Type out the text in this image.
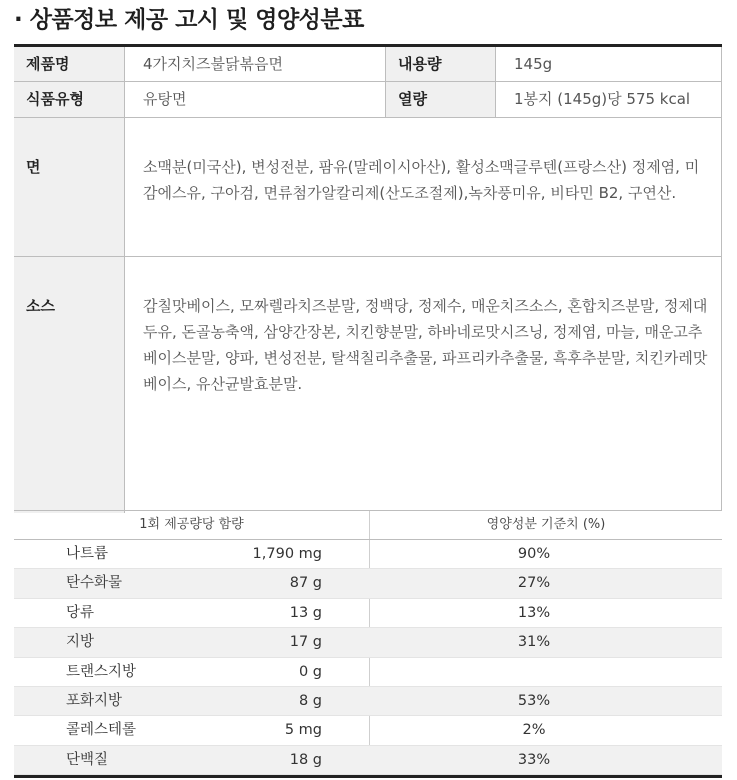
· 상품정보 제공 고시 및 영양성분표
제품명	4가지치즈불닭볶음면	내용량	145g
식품유형	유탕면	열량	1봉지 (145g)당 575 kcal
면	소맥분(미국산), 변성전분, 팜유(말레이시아산), 활성소맥글루텐(프랑스산) 정제염, 미감에스유, 구아검, 면류첨가알칼리제(산도조절제),녹차풍미유, 비타민 B2, 구연산.
소스	감칠맛베이스, 모짜렐라치즈분말, 정백당, 정제수, 매운치즈소스, 혼합치즈분말, 정제대두유, 돈골농축액, 삼양간장본, 치킨향분말, 하바네로맛시즈닝, 정제염, 마늘, 매운고추베이스분말, 양파, 변성전분, 탈색칠리추출물, 파프리카추출물, 흑후추분말, 치킨카레맛베이스, 유산균발효분말.
1회 제공량당 함량	영양성분 기준치 (%)
나트륨	1,790 mg	90%
탄수화물	87 g	27%
당류	13 g	13%
지방	17 g	31%
트랜스지방	0 g
포화지방	8 g	53%
콜레스테롤	5 mg	2%
단백질	18 g	33%
